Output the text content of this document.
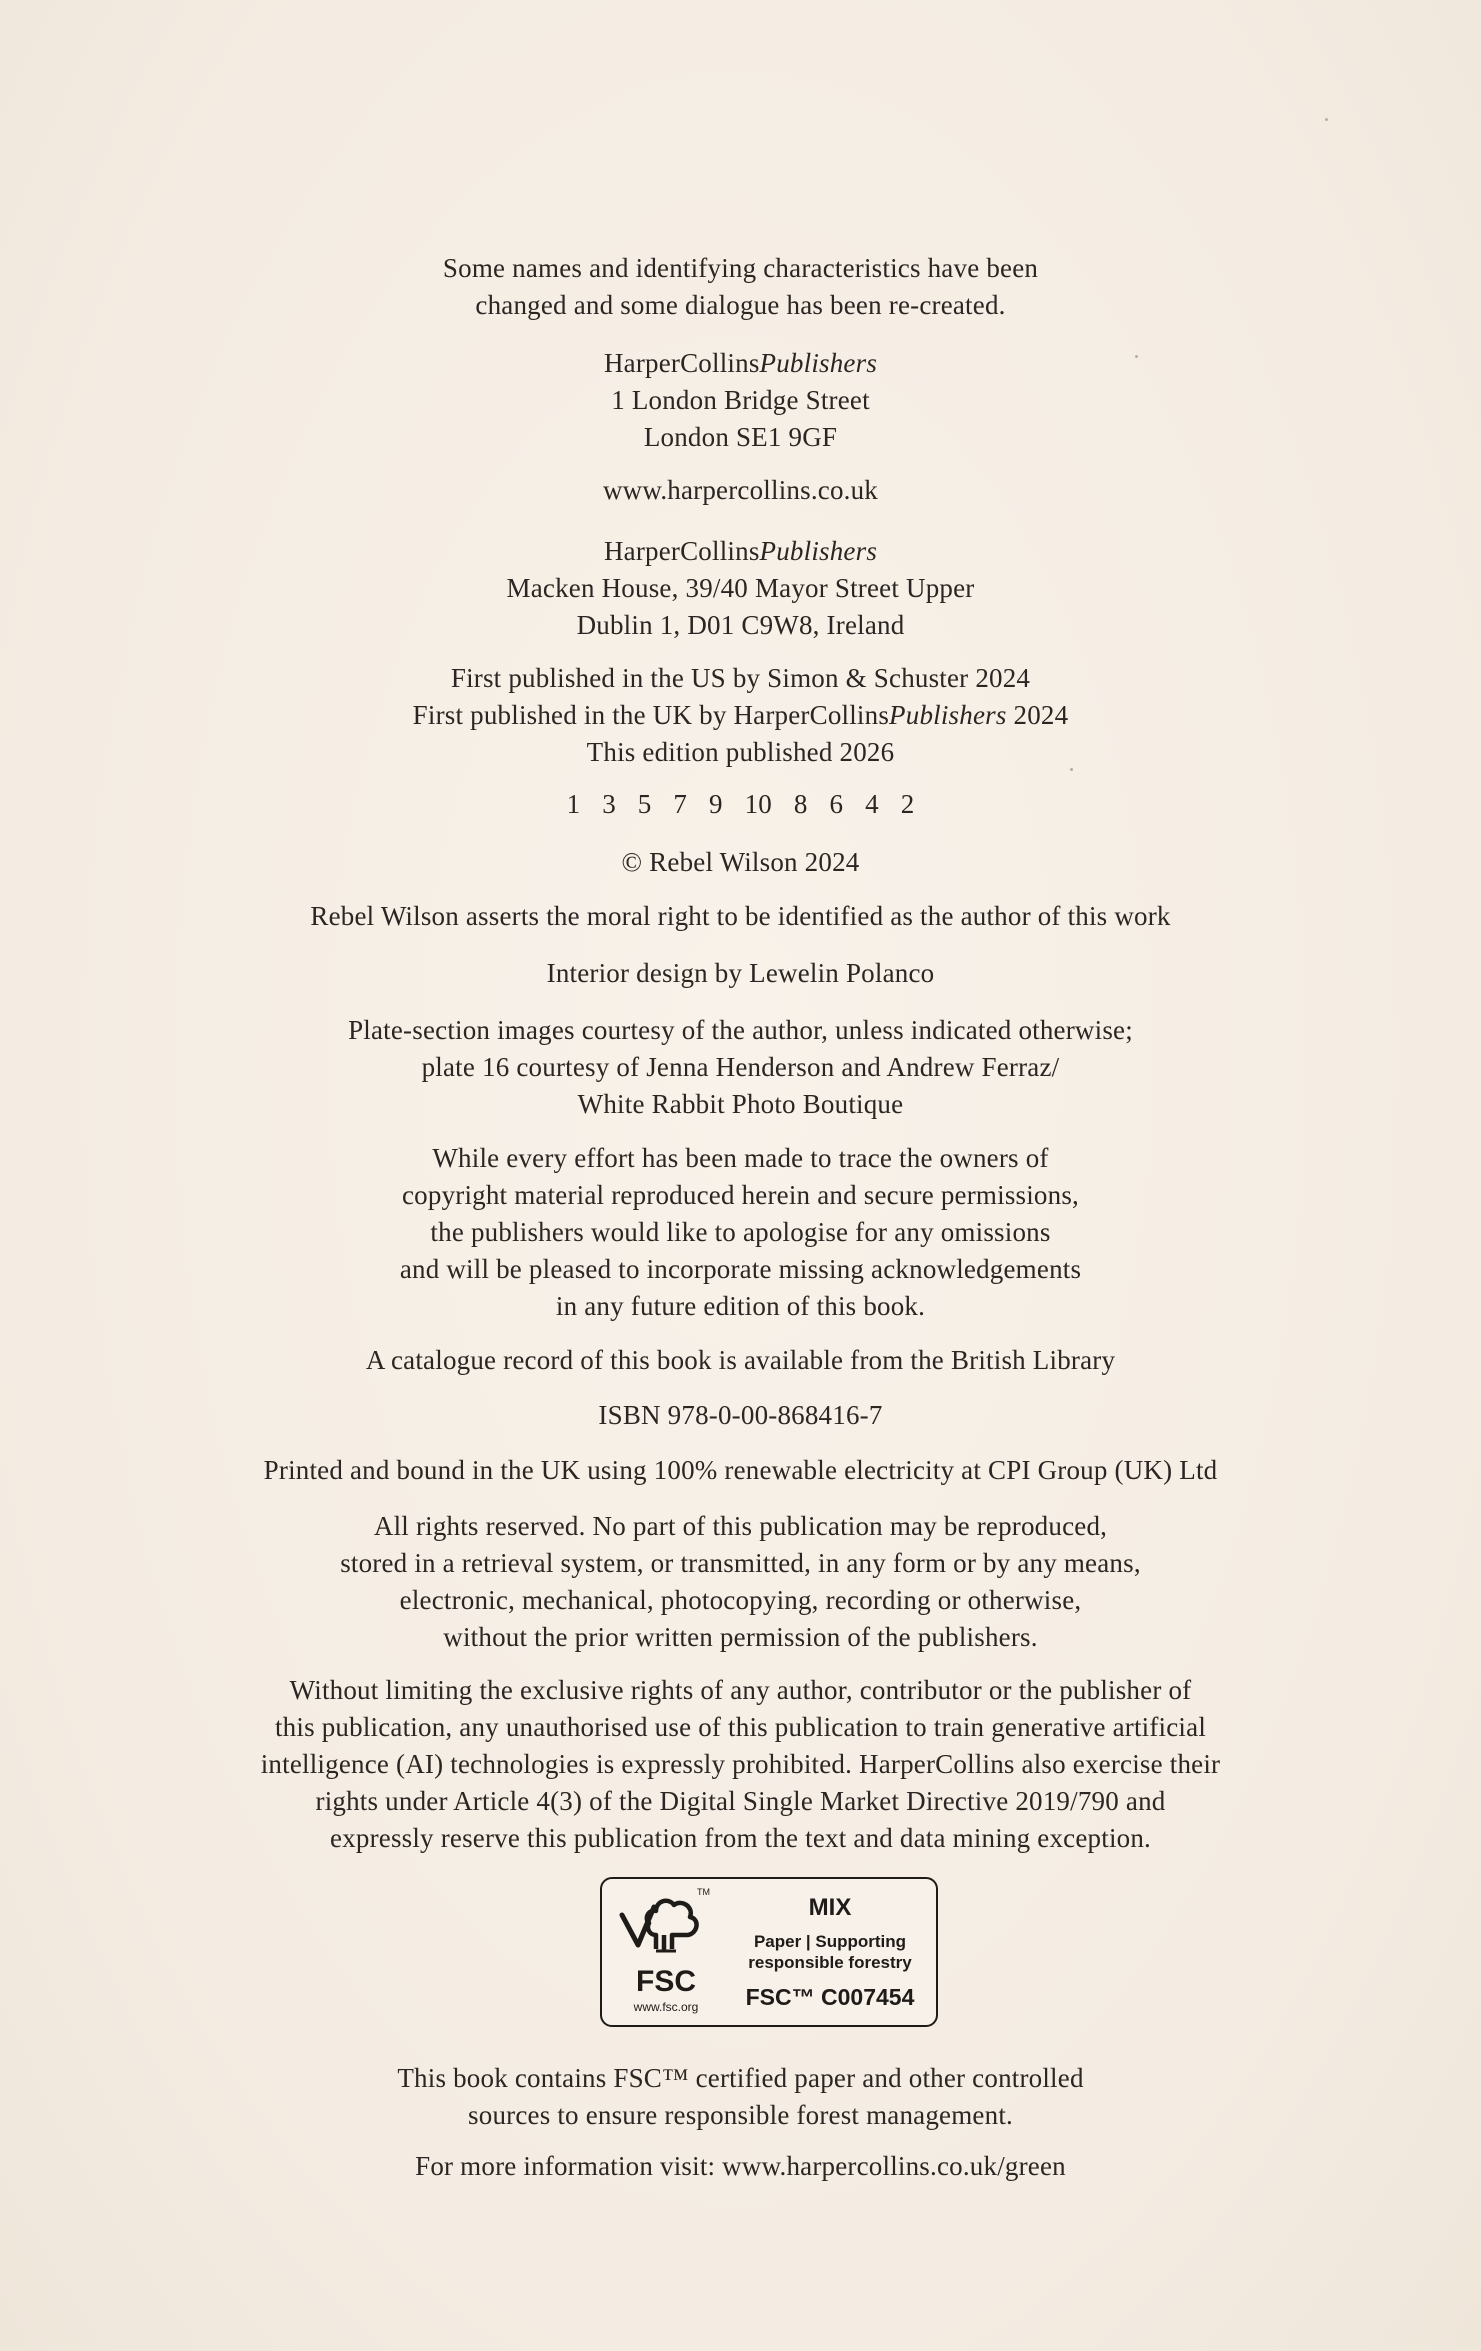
Some names and identifying characteristics have been

changed and some dialogue has been re-created.

HarperCollinsPublishers

1 London Bridge Street

London SE1 9GF

www.harpercollins.co.uk

HarperCollinsPublishers

Macken House, 39/40 Mayor Street Upper

Dublin 1, D01 C9W8, Ireland

First published in the US by Simon & Schuster 2024

First published in the UK by HarperCollinsPublishers 2024

This edition published 2026

1  3  5  7  9  10  8  6  4  2

© Rebel Wilson 2024

Rebel Wilson asserts the moral right to be identified as the author of this work

Interior design by Lewelin Polanco

Plate-section images courtesy of the author, unless indicated otherwise;

plate 16 courtesy of Jenna Henderson and Andrew Ferraz/

White Rabbit Photo Boutique

While every effort has been made to trace the owners of

copyright material reproduced herein and secure permissions,

the publishers would like to apologise for any omissions

and will be pleased to incorporate missing acknowledgements

in any future edition of this book.

A catalogue record of this book is available from the British Library

ISBN 978-0-00-868416-7

Printed and bound in the UK using 100% renewable electricity at CPI Group (UK) Ltd

All rights reserved. No part of this publication may be reproduced,

stored in a retrieval system, or transmitted, in any form or by any means,

electronic, mechanical, photocopying, recording or otherwise,

without the prior written permission of the publishers.

Without limiting the exclusive rights of any author, contributor or the publisher of

this publication, any unauthorised use of this publication to train generative artificial

intelligence (AI) technologies is expressly prohibited. HarperCollins also exercise their

rights under Article 4(3) of the Digital Single Market Directive 2019/790 and

expressly reserve this publication from the text and data mining exception.

TM
FSC
www.fsc.org
MIX
Paper | Supporting
responsible forestry
FSC™ C007454

This book contains FSC™ certified paper and other controlled

sources to ensure responsible forest management.

For more information visit: www.harpercollins.co.uk/green
